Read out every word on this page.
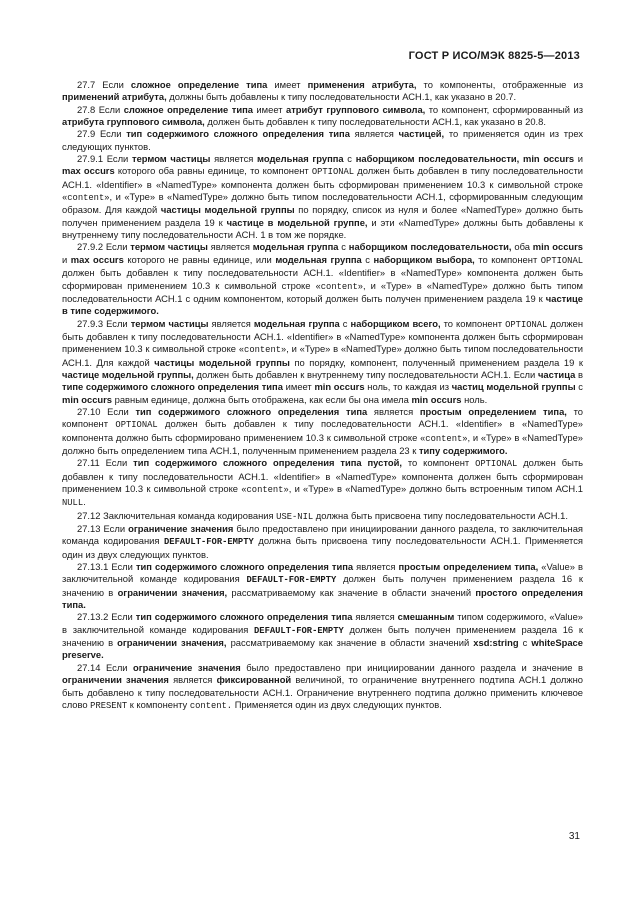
ГОСТ Р ИСО/МЭК 8825-5—2013

27.7 Если сложное определение типа имеет применения атрибута, то компоненты, отображенные из применений атрибута, должны быть добавлены к типу последовательности АСН.1, как указано в 20.7.

27.8 Если сложное определение типа имеет атрибут группового символа, то компонент, сформированный из атрибута группового символа, должен быть добавлен к типу последовательности АСН.1, как указано в 20.8.

27.9 Если тип содержимого сложного определения типа является частицей, то применяется один из трех следующих пунктов.

27.9.1 Если термом частицы является модельная группа с наборщиком последовательности, min occurs и max occurs которого оба равны единице, то компонент OPTIONAL должен быть добавлен в типу последовательности АСН.1. «Identifier» в «NamedType» компонента должен быть сформирован применением 10.3 к символьной строке «content», и «Type» в «NamedType» должно быть типом последовательности АСН.1, сформированным следующим образом. Для каждой частицы модельной группы по порядку, список из нуля и более «NamedType» должно быть получен применением раздела 19 к частице в модельной группе, и эти «NamedType» должны быть добавлены к внутреннему типу последовательности АСН. 1 в том же порядке.

27.9.2 Если термом частицы является модельная группа с наборщиком последовательности, оба min occurs и max occurs которого не равны единице, или модельная группа с наборщиком выбора, то компонент OPTIONAL должен быть добавлен к типу последовательности АСН.1. «Identifier» в «NamedType» компонента должен быть сформирован применением 10.3 к символьной строке «content», и «Type» в «NamedType» должно быть типом последовательности АСН.1 с одним компонентом, который должен быть получен применением раздела 19 к частице в типе содержимого.

27.9.3 Если термом частицы является модельная группа с наборщиком всего, то компонент OPTIONAL должен быть добавлен к типу последовательности АСН.1. «Identifier» в «NamedType» компонента должен быть сформирован применением 10.3 к символьной строке «content», и «Type» в «NamedType» должно быть типом последовательности АСН.1. Для каждой частицы модельной группы по порядку, компонент, полученный применением раздела 19 к частице модельной группы, должен быть добавлен к внутреннему типу последовательности АСН.1. Если частица в типе содержимого сложного определения типа имеет min occurs ноль, то каждая из частиц модельной группы с min occurs равным единице, должна быть отображена, как если бы она имела min occurs ноль.

27.10 Если тип содержимого сложного определения типа является простым определением типа, то компонент OPTIONAL должен быть добавлен к типу последовательности АСН.1. «Identifier» в «NamedType» компонента должно быть сформировано применением 10.3 к символьной строке «content», и «Type» в «NamedType» должно быть определением типа АСН.1, полученным применением раздела 23 к типу содержимого.

27.11 Если тип содержимого сложного определения типа пустой, то компонент OPTIONAL должен быть добавлен к типу последовательности АСН.1. «Identifier» в «NamedType» компонента должен быть сформирован применением 10.3 к символьной строке «content», и «Type» в «NamedType» должно быть встроенным типом АСН.1 NULL.

27.12 Заключительная команда кодирования USE-NIL должна быть присвоена типу последовательности АСН.1.

27.13 Если ограничение значения было предоставлено при инициировании данного раздела, то заключительная команда кодирования DEFAULT-FOR-EMPTY должна быть присвоена типу последовательности АСН.1. Применяется один из двух следующих пунктов.

27.13.1 Если тип содержимого сложного определения типа является простым определением типа, «Value» в заключительной команде кодирования DEFAULT-FOR-EMPTY должен быть получен применением раздела 16 к значению в ограничении значения, рассматриваемому как значение в области значений простого определения типа.

27.13.2 Если тип содержимого сложного определения типа является смешанным типом содержимого, «Value» в заключительной команде кодирования DEFAULT-FOR-EMPTY должен быть получен применением раздела 16 к значению в ограничении значения, рассматриваемому как значение в области значений xsd:string с whiteSpace preserve.

27.14 Если ограничение значения было предоставлено при инициировании данного раздела и значение в ограничении значения является фиксированной величиной, то ограничение внутреннего подтипа АСН.1 должно быть добавлено к типу последовательности АСН.1. Ограничение внутреннего подтипа должно применить ключевое слово PRESENT к компоненту content. Применяется один из двух следующих пунктов.

31
